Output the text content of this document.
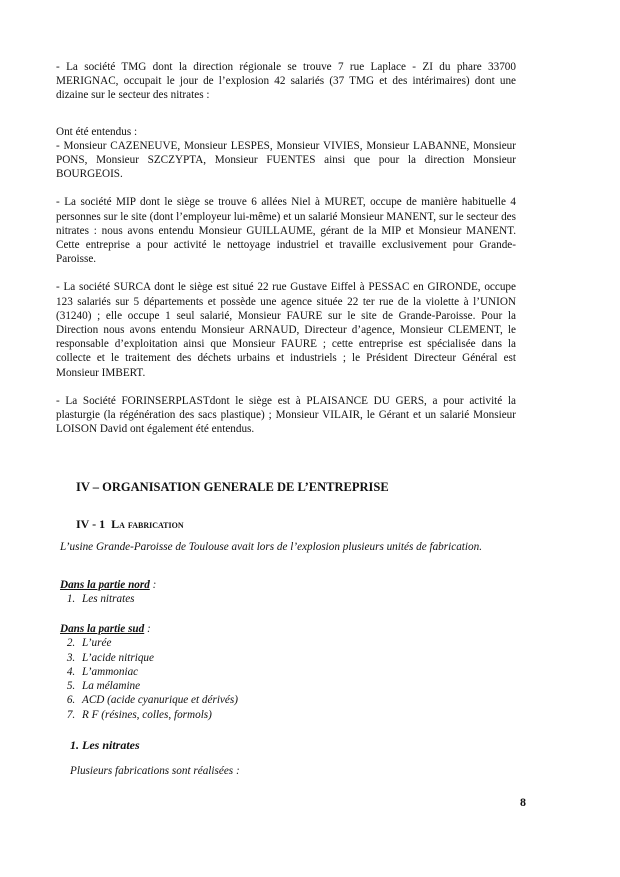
- La société TMG dont la direction régionale se trouve 7 rue Laplace - ZI du phare 33700 MERIGNAC, occupait le jour de l’explosion 42 salariés (37 TMG et des intérimaires) dont une dizaine sur le secteur des nitrates :

Ont été entendus :

- Monsieur CAZENEUVE, Monsieur LESPES, Monsieur VIVIES, Monsieur LABANNE, Monsieur PONS, Monsieur SZCZYPTA, Monsieur FUENTES ainsi que pour la direction Monsieur BOURGEOIS.

- La société MIP dont le siège se trouve 6 allées Niel à MURET, occupe de manière habituelle 4 personnes sur le site (dont l’employeur lui-même) et un salarié Monsieur MANENT, sur le secteur des nitrates : nous avons entendu Monsieur GUILLAUME, gérant de la MIP et Monsieur MANENT. Cette entreprise a pour activité le nettoyage industriel et travaille exclusivement pour Grande-Paroisse.

- La société SURCA dont le siège est situé 22 rue Gustave Eiffel à PESSAC en GIRONDE, occupe 123 salariés sur 5 départements et possède une agence située 22 ter rue de la violette à l’UNION (31240) ; elle occupe 1 seul salarié, Monsieur FAURE sur le site de Grande-Paroisse. Pour la Direction nous avons entendu Monsieur ARNAUD, Directeur d’agence, Monsieur CLEMENT, le responsable d’exploitation ainsi que Monsieur FAURE ; cette entreprise est spécialisée dans la collecte et le traitement des déchets urbains et industriels ; le Président Directeur Général est Monsieur IMBERT.

- La Société FORINSERPLASTdont le siège est à PLAISANCE DU GERS, a pour activité la plasturgie (la régénération des sacs plastique) ; Monsieur VILAIR, le Gérant et un salarié Monsieur LOISON David ont également été entendus.

IV – ORGANISATION GENERALE DE L’ENTREPRISE
IV - 1 La fabrication
L’usine Grande-Paroisse de Toulouse avait lors de l’explosion plusieurs unités de fabrication.
Dans la partie nord :
1. Les nitrates
Dans la partie sud :
2. L’urée
3. L’acide nitrique
4. L’ammoniac
5. La mélamine
6. ACD (acide cyanurique et dérivés)
7. R F (résines, colles, formols)
1. Les nitrates
Plusieurs fabrications sont réalisées :
8
